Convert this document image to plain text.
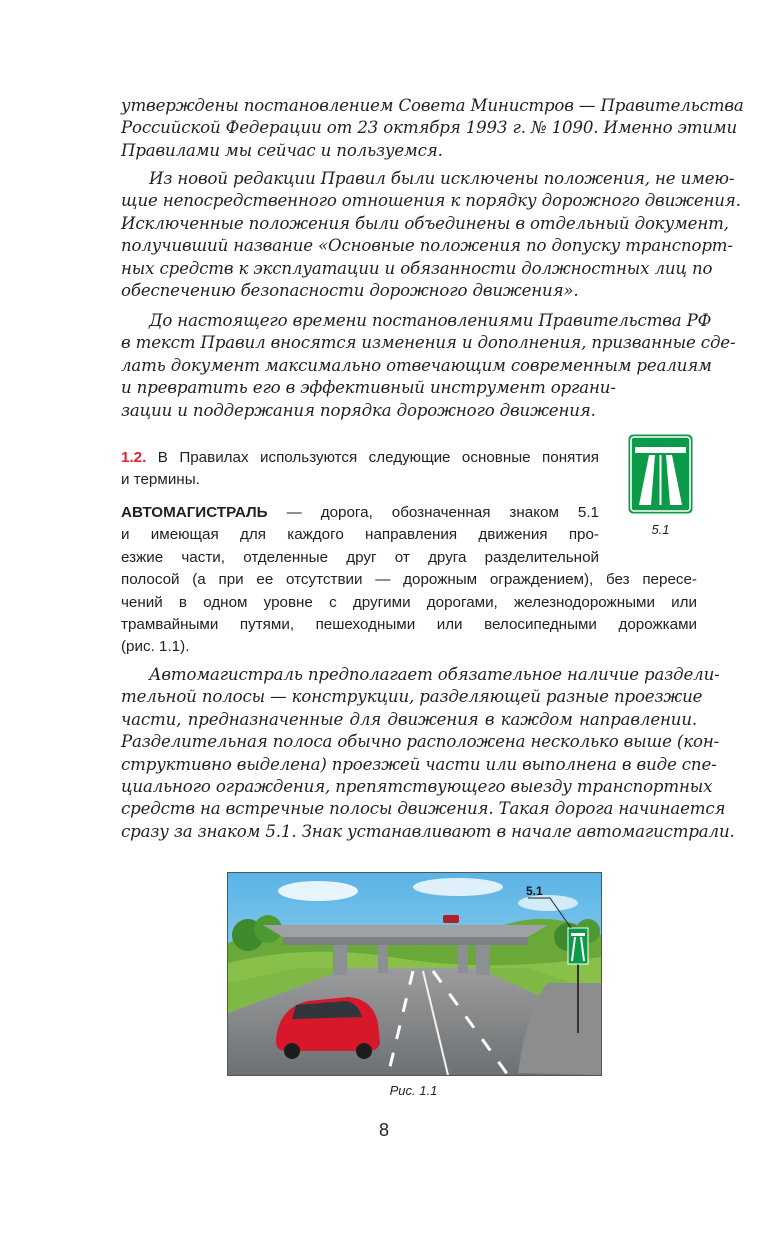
утверждены постановлением Совета Министров — Правительства
Российской Федерации от 23 октября 1993 г. № 1090. Именно этими
Правилами мы сейчас и пользуемся.
Из новой редакции Правил были исключены положения, не имею-
щие непосредственного отношения к порядку дорожного движения.
Исключенные положения были объединены в отдельный документ,
получивший название «Основные положения по допуску транспорт-
ных средств к эксплуатации и обязанности должностных лиц по
обеспечению безопасности дорожного движения».
До настоящего времени постановлениями Правительства РФ
в текст Правил вносятся изменения и дополнения, призванные сде-
лать документ максимально отвечающим современным реалиям
и превратить его в эффективный инструмент органи-
зации и поддержания порядка дорожного движения.
1.2. В Правилах используются следующие основные понятия
и термины.
АВТОМАГИСТРАЛЬ — дорога, обозначенная знаком 5.1
и имеющая для каждого направления движения про-
езжие части, отделенные друг от друга разделительной
полосой (а при ее отсутствии — дорожным ограждением), без пересе-
чений в одном уровне с другими дорогами, железнодорожными или
трамвайными путями, пешеходными или велосипедными дорожками
(рис. 1.1).
Автомагистраль предполагает обязательное наличие раздели-
тельной полосы — конструкции, разделяющей разные проезжие
части, предназначенные для движения в каждом направлении.
Разделительная полоса обычно расположена несколько выше (кон-
структивно выделена) проезжей части или выполнена в виде спе-
циального ограждения, препятствующего выезду транспортных
средств на встречные полосы движения. Такая дорога начинается
сразу за знаком 5.1. Знак устанавливают в начале автомагистрали.
5.1
5.1
Рис. 1.1
8
